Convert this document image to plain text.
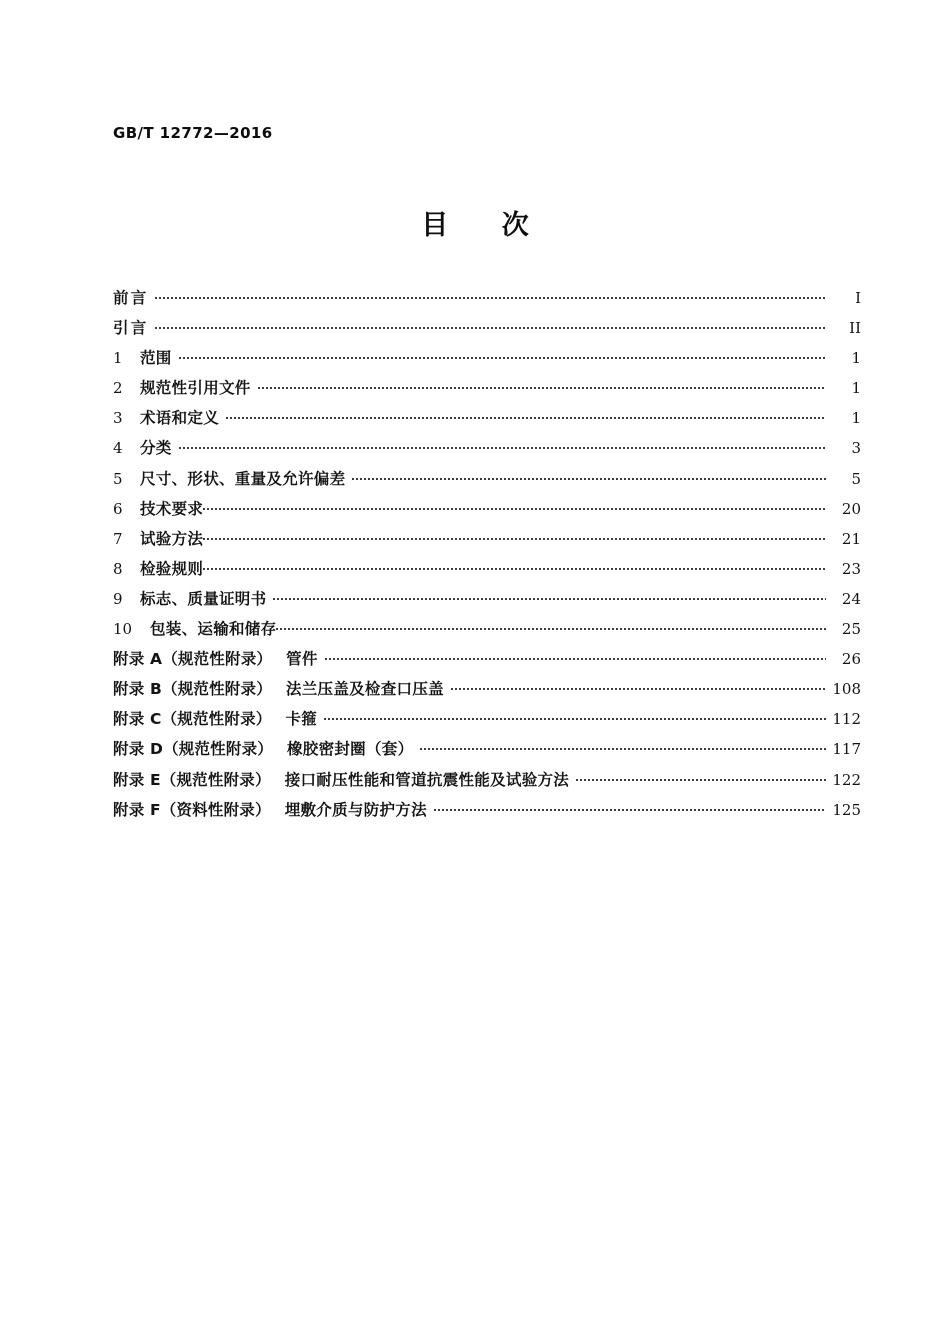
GB/T 12772—2016
目 次
前言	I
引言	II
1	范围	1
2	规范性引用文件	1
3	术语和定义	1
4	分类	3
5	尺寸、形状、重量及允许偏差	5
6	技术要求	20
7	试验方法	21
8	检验规则	23
9	标志、质量证明书	24
10	包装、运输和储存	25
附录 A（规范性附录） 管件	26
附录 B（规范性附录） 法兰压盖及检查口压盖	108
附录 C（规范性附录） 卡箍	112
附录 D（规范性附录） 橡胶密封圈（套）	117
附录 E（规范性附录） 接口耐压性能和管道抗震性能及试验方法	122
附录 F（资料性附录） 埋敷介质与防护方法	125
